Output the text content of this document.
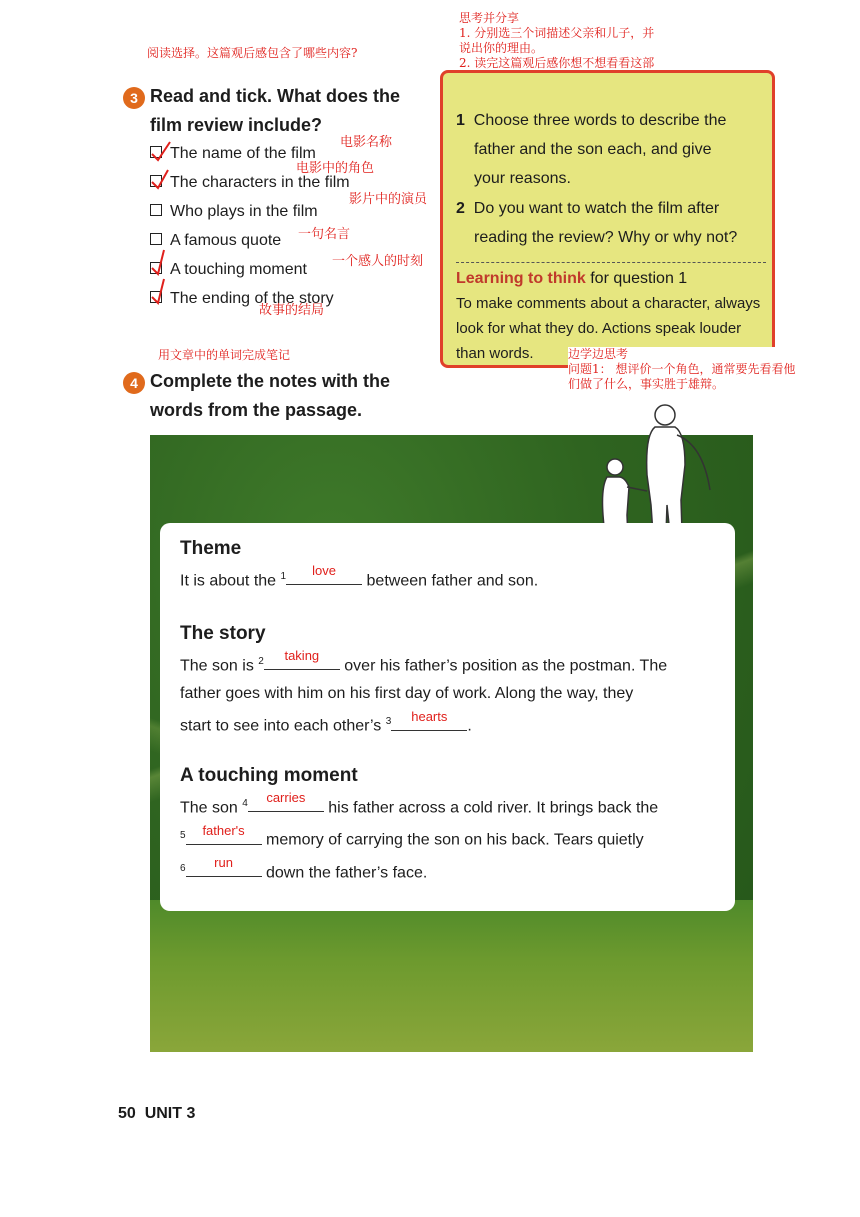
阅读选择。这篇观后感包含了哪些内容?
思考并分享
1. 分别选三个词描述父亲和儿子，并
说出你的理由。
2. 读完这篇观后感你想不想看看这部
3 Read and tick. What does the
film review include?
The name of the film
The characters in the film
Who plays in the film
A famous quote
A touching moment
The ending of the story
电影名称
电影中的角色
影片中的演员
一句名言
一个感人的时刻
故事的结局
1 Choose three words to describe the
father and the son each, and give
your reasons.
2 Do you want to watch the film after
reading the review? Why or why not?
Learning to think for question 1
To make comments about a character, always
look for what they do. Actions speak louder
than words.	边学边思考
问题1： 想评价一个角色，通常要先看看他
们做了什么，事实胜于雄辩。
用文章中的单词完成笔记
4 Complete the notes with the
words from the passage.
Theme
It is about the $^1$	love
between father and son.
The story
The son is $^2$	taking
over his father’s position as the postman. The
father goes with him on his first day of work. Along the way, they
start to see into each other’s $^3$	hearts
.
A touching moment
The son $^4$	carries
his father across a cold river. It brings back the
$^5$	father's
memory of carrying the son on his back. Tears quietly
$^6$	run
down the father’s face.
50 UNIT 3
